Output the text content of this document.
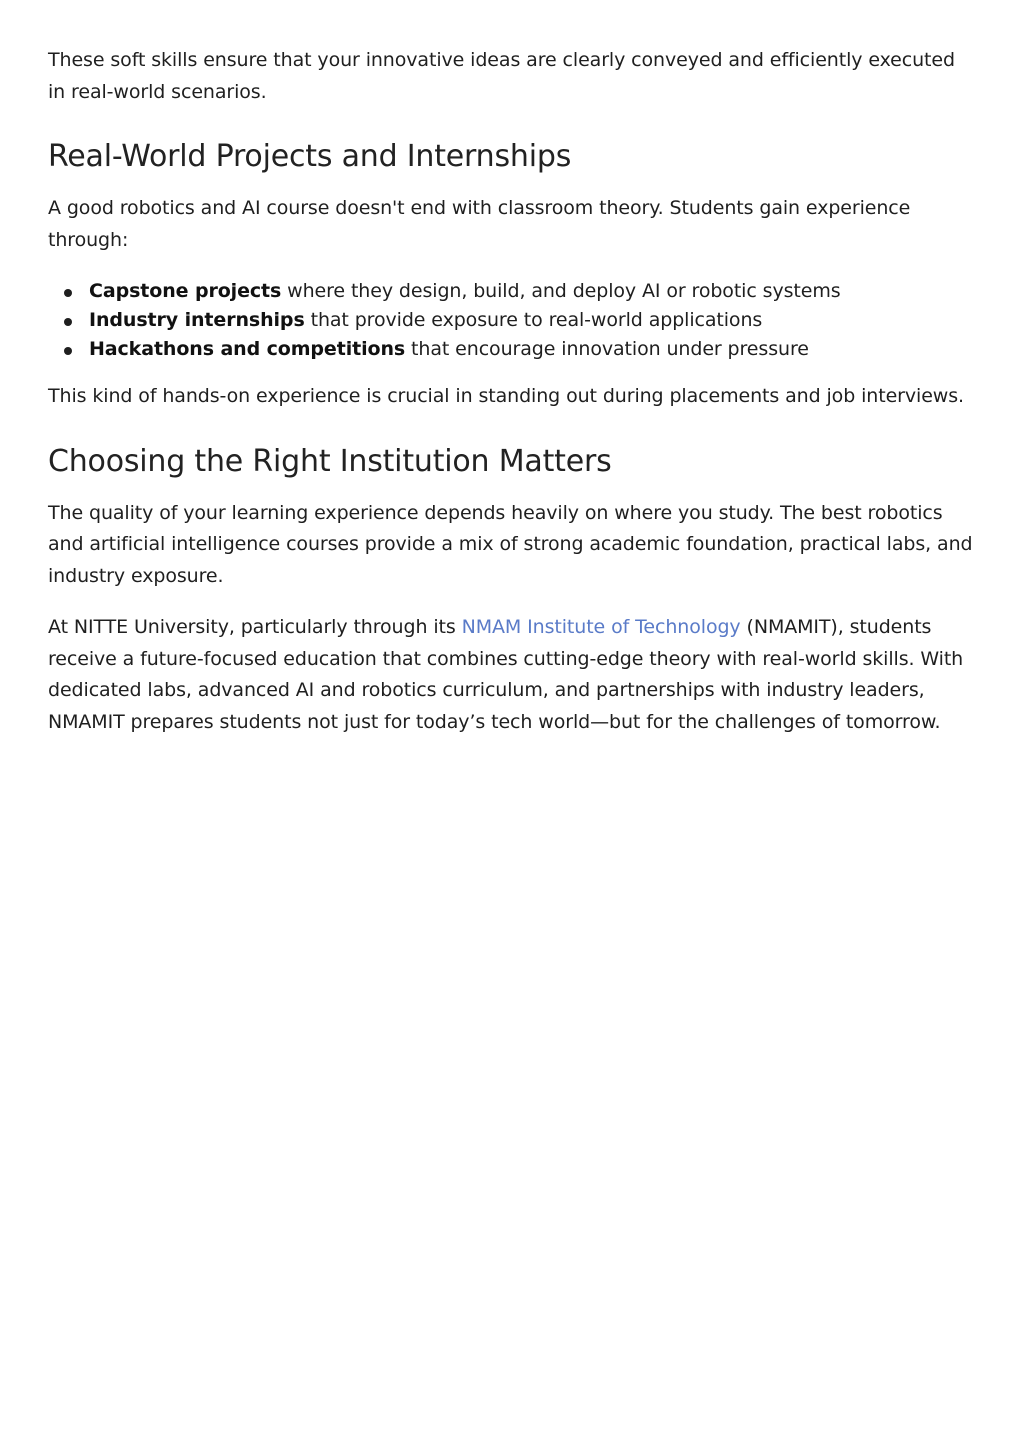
These soft skills ensure that your innovative ideas are clearly conveyed and efficiently executed in real-world scenarios.

Real-World Projects and Internships

A good robotics and AI course doesn't end with classroom theory. Students gain experience through:

Capstone projects where they design, build, and deploy AI or robotic systems
Industry internships that provide exposure to real-world applications
Hackathons and competitions that encourage innovation under pressure

This kind of hands-on experience is crucial in standing out during placements and job interviews.

Choosing the Right Institution Matters

The quality of your learning experience depends heavily on where you study. The best robotics and artificial intelligence courses provide a mix of strong academic foundation, practical labs, and industry exposure.

At NITTE University, particularly through its NMAM Institute of Technology (NMAMIT), students receive a future-focused education that combines cutting-edge theory with real-world skills. With dedicated labs, advanced AI and robotics curriculum, and partnerships with industry leaders, NMAMIT prepares students not just for today’s tech world—but for the challenges of tomorrow.
